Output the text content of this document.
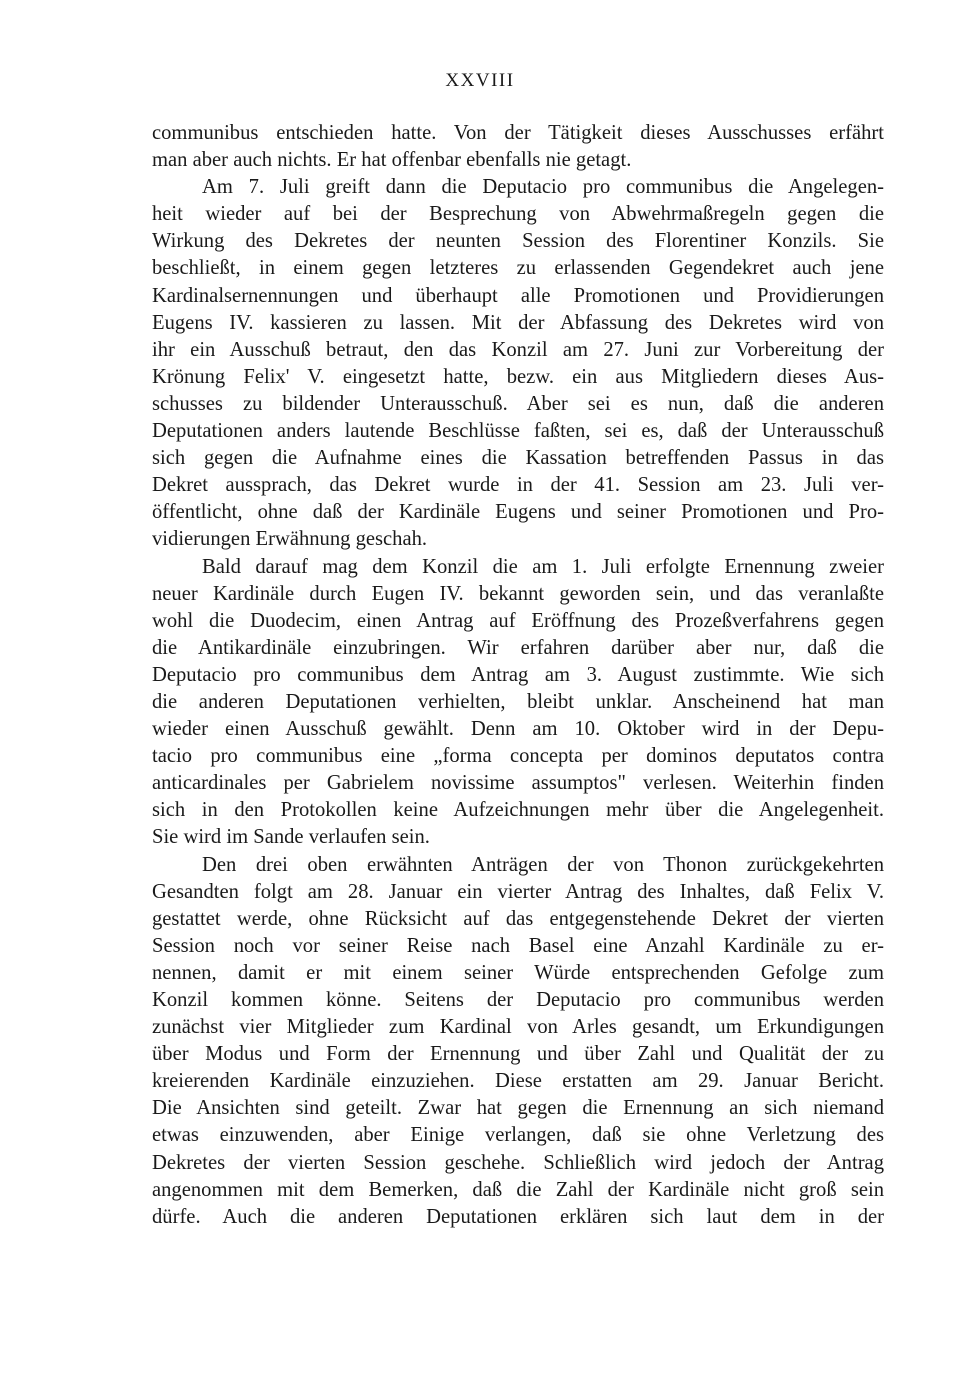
XXVIII
communibus entschieden hatte. Von der Tätigkeit dieses Ausschusses erfährt
man aber auch nichts. Er hat offenbar ebenfalls nie getagt.
Am 7. Juli greift dann die Deputacio pro communibus die Angelegen-
heit wieder auf bei der Besprechung von Abwehrmaßregeln gegen die
Wirkung des Dekretes der neunten Session des Florentiner Konzils. Sie
beschließt, in einem gegen letzteres zu erlassenden Gegendekret auch jene
Kardinalsernennungen und überhaupt alle Promotionen und Providierungen
Eugens IV. kassieren zu lassen. Mit der Abfassung des Dekretes wird von
ihr ein Ausschuß betraut, den das Konzil am 27. Juni zur Vorbereitung der
Krönung Felix' V. eingesetzt hatte, bezw. ein aus Mitgliedern dieses Aus-
schusses zu bildender Unterausschuß. Aber sei es nun, daß die anderen
Deputationen anders lautende Beschlüsse faßten, sei es, daß der Unterausschuß
sich gegen die Aufnahme eines die Kassation betreffenden Passus in das
Dekret aussprach, das Dekret wurde in der 41. Session am 23. Juli ver-
öffentlicht, ohne daß der Kardinäle Eugens und seiner Promotionen und Pro-
vidierungen Erwähnung geschah.
Bald darauf mag dem Konzil die am 1. Juli erfolgte Ernennung zweier
neuer Kardinäle durch Eugen IV. bekannt geworden sein, und das veranlaßte
wohl die Duodecim, einen Antrag auf Eröffnung des Prozeßverfahrens gegen
die Antikardinäle einzubringen. Wir erfahren darüber aber nur, daß die
Deputacio pro communibus dem Antrag am 3. August zustimmte. Wie sich
die anderen Deputationen verhielten, bleibt unklar. Anscheinend hat man
wieder einen Ausschuß gewählt. Denn am 10. Oktober wird in der Depu-
tacio pro communibus eine „forma concepta per dominos deputatos contra
anticardinales per Gabrielem novissime assumptos" verlesen. Weiterhin finden
sich in den Protokollen keine Aufzeichnungen mehr über die Angelegenheit.
Sie wird im Sande verlaufen sein.
Den drei oben erwähnten Anträgen der von Thonon zurückgekehrten
Gesandten folgt am 28. Januar ein vierter Antrag des Inhaltes, daß Felix V.
gestattet werde, ohne Rücksicht auf das entgegenstehende Dekret der vierten
Session noch vor seiner Reise nach Basel eine Anzahl Kardinäle zu er-
nennen, damit er mit einem seiner Würde entsprechenden Gefolge zum
Konzil kommen könne. Seitens der Deputacio pro communibus werden
zunächst vier Mitglieder zum Kardinal von Arles gesandt, um Erkundigungen
über Modus und Form der Ernennung und über Zahl und Qualität der zu
kreierenden Kardinäle einzuziehen. Diese erstatten am 29. Januar Bericht.
Die Ansichten sind geteilt. Zwar hat gegen die Ernennung an sich niemand
etwas einzuwenden, aber Einige verlangen, daß sie ohne Verletzung des
Dekretes der vierten Session geschehe. Schließlich wird jedoch der Antrag
angenommen mit dem Bemerken, daß die Zahl der Kardinäle nicht groß sein
dürfe. Auch die anderen Deputationen erklären sich laut dem in der
